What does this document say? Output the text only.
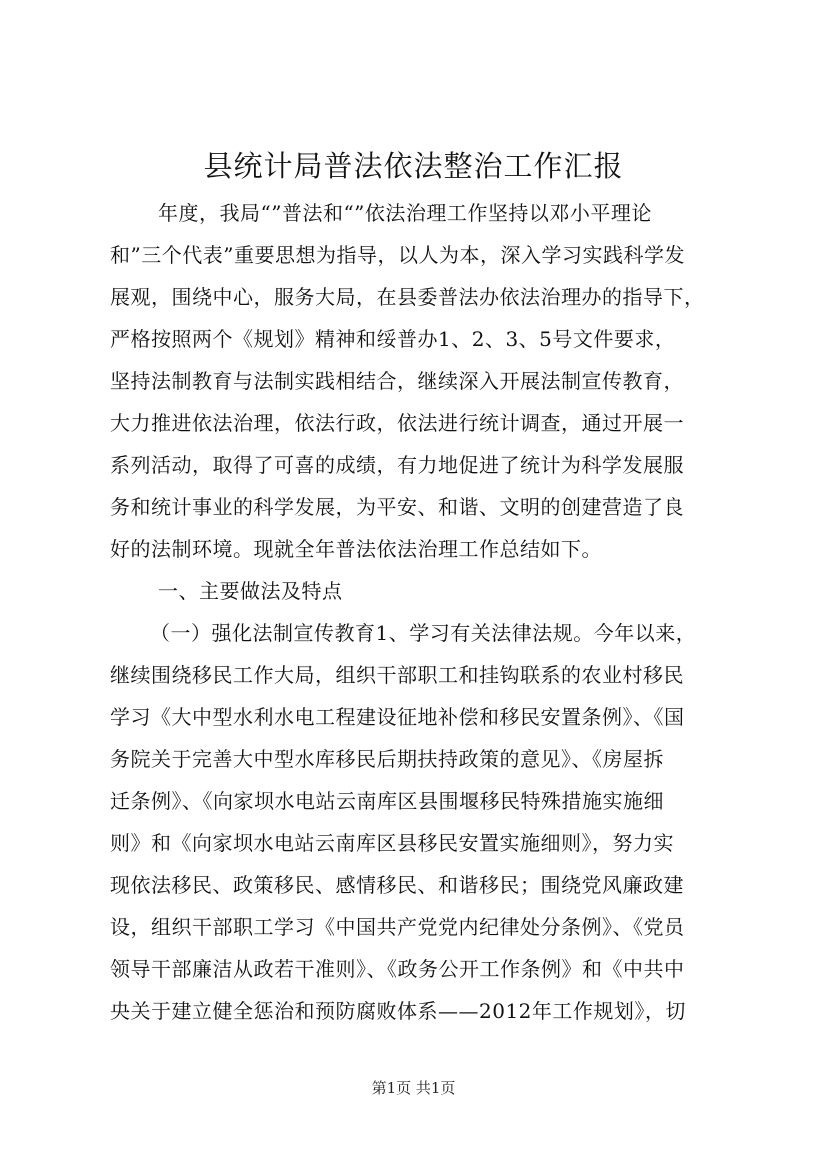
县统计局普法依法整治工作汇报

年度，我局“”普法和“”依法治理工作坚持以邓小平理论

和”三个代表”重要思想为指导，以人为本，深入学习实践科学发

展观，围绕中心，服务大局，在县委普法办依法治理办的指导下，

严格按照两个《规划》精神和绥普办1、2、3、5号文件要求，

坚持法制教育与法制实践相结合，继续深入开展法制宣传教育，

大力推进依法治理，依法行政，依法进行统计调查，通过开展一

系列活动，取得了可喜的成绩，有力地促进了统计为科学发展服

务和统计事业的科学发展，为平安、和谐、文明的创建营造了良

好的法制环境。现就全年普法依法治理工作总结如下。

一、主要做法及特点

（一）强化法制宣传教育1、学习有关法律法规。今年以来，

继续围绕移民工作大局，组织干部职工和挂钩联系的农业村移民

学习《大中型水利水电工程建设征地补偿和移民安置条例》、《国

务院关于完善大中型水库移民后期扶持政策的意见》、《房屋拆

迁条例》、《向家坝水电站云南库区县围堰移民特殊措施实施细

则》和《向家坝水电站云南库区县移民安置实施细则》，努力实

现依法移民、政策移民、感情移民、和谐移民；围绕党风廉政建

设，组织干部职工学习《中国共产党党内纪律处分条例》、《党员

领导干部廉洁从政若干准则》、《政务公开工作条例》和《中共中

央关于建立健全惩治和预防腐败体系——2012年工作规划》，切

第1页 共1页
